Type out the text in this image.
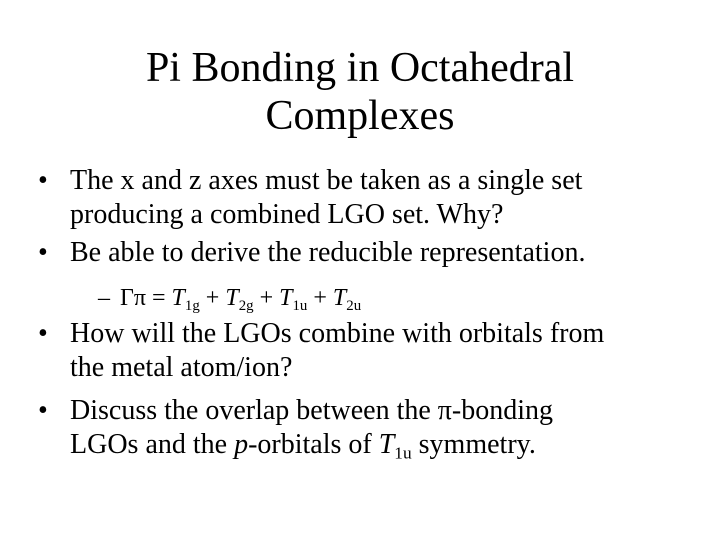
Pi Bonding in Octahedral
Complexes
• The x and z axes must be taken as a single set
producing a combined LGO set. Why?
• Be able to derive the reducible representation.
– $\Gamma\pi = T_{1g} + T_{2g} + T_{1u} + T_{2u}$
• How will the LGOs combine with orbitals from
the metal atom/ion?
• Discuss the overlap between the π-bonding
LGOs and the p-orbitals of $T_{1u}$ symmetry.
